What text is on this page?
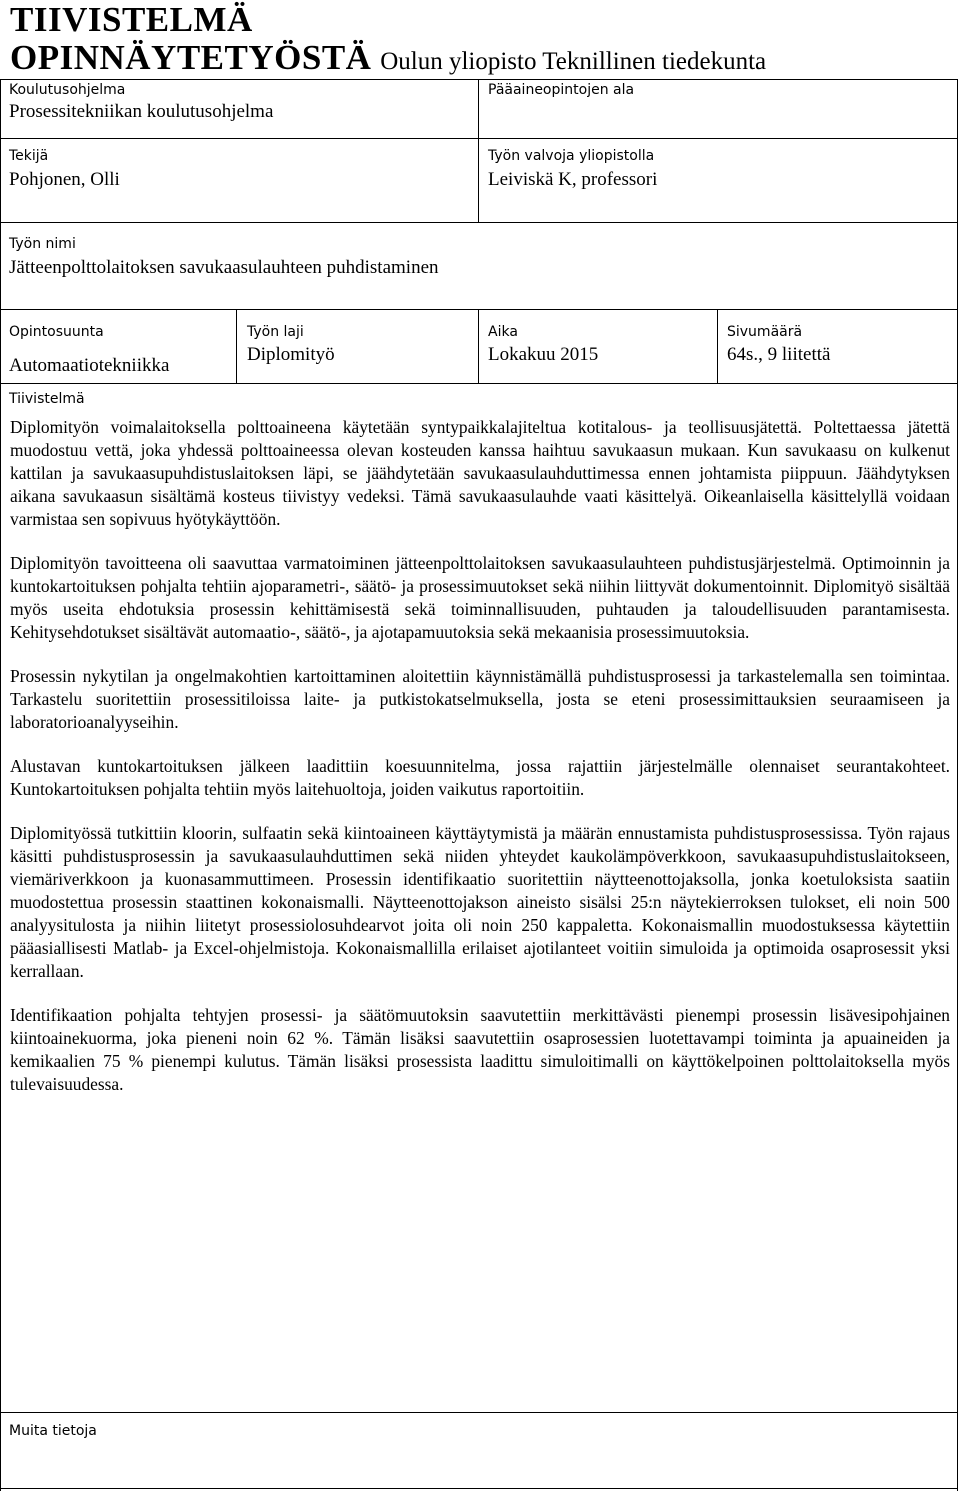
TIIVISTELMÄ
OPINNÄYTETYÖSTÄ Oulun yliopisto Teknillinen tiedekunta
Koulutusohjelma
Prosessitekniikan koulutusohjelma
Pääaineopintojen ala
Tekijä
Pohjonen, Olli
Työn valvoja yliopistolla
Leiviskä K, professori
Työn nimi
Jätteenpolttolaitoksen savukaasulauhteen puhdistaminen
Opintosuunta
Automaatiotekniikka
Työn laji
Diplomityö
Aika
Lokakuu 2015
Sivumäärä
64s., 9 liitettä
Tiivistelmä

Diplomityön voimalaitoksella polttoaineena käytetään syntypaikkalajiteltua kotitalous- ja teollisuusjätettä. Poltettaessa jätettä muodostuu vettä, joka yhdessä polttoaineessa olevan kosteuden kanssa haihtuu savukaasun mukaan. Kun savukaasu on kulkenut kattilan ja savukaasupuhdistuslaitoksen läpi, se jäähdytetään savukaasulauhduttimessa ennen johtamista piippuun. Jäähdytyksen aikana savukaasun sisältämä kosteus tiivistyy vedeksi. Tämä savukaasulauhde vaati käsittelyä. Oikeanlaisella käsittelyllä voidaan varmistaa sen sopivuus hyötykäyttöön.

Diplomityön tavoitteena oli saavuttaa varmatoiminen jätteenpolttolaitoksen savukaasulauhteen puhdistusjärjestelmä. Optimoinnin ja kuntokartoituksen pohjalta tehtiin ajoparametri-, säätö- ja prosessimuutokset sekä niihin liittyvät dokumentoinnit. Diplomityö sisältää myös useita ehdotuksia prosessin kehittämisestä sekä toiminnallisuuden, puhtauden ja taloudellisuuden parantamisesta. Kehitysehdotukset sisältävät automaatio-, säätö-, ja ajotapamuutoksia sekä mekaanisia prosessimuutoksia.

Prosessin nykytilan ja ongelmakohtien kartoittaminen aloitettiin käynnistämällä puhdistusprosessi ja tarkastelemalla sen toimintaa. Tarkastelu suoritettiin prosessitiloissa laite- ja putkistokatselmuksella, josta se eteni prosessimittauksien seuraamiseen ja laboratorioanalyyseihin.

Alustavan kuntokartoituksen jälkeen laadittiin koesuunnitelma, jossa rajattiin järjestelmälle olennaiset seurantakohteet. Kuntokartoituksen pohjalta tehtiin myös laitehuoltoja, joiden vaikutus raportoitiin.

Diplomityössä tutkittiin kloorin, sulfaatin sekä kiintoaineen käyttäytymistä ja määrän ennustamista puhdistusprosessissa. Työn rajaus käsitti puhdistusprosessin ja savukaasulauhduttimen sekä niiden yhteydet kaukolämpöverkkoon, savukaasupuhdistuslaitokseen, viemäriverkkoon ja kuonasammuttimeen. Prosessin identifikaatio suoritettiin näytteenottojaksolla, jonka koetuloksista saatiin muodostettua prosessin staattinen kokonaismalli. Näytteenottojakson aineisto sisälsi 25:n näytekierroksen tulokset, eli noin 500 analyysitulosta ja niihin liitetyt prosessiolosuhdearvot joita oli noin 250 kappaletta. Kokonaismallin muodostuksessa käytettiin pääasiallisesti Matlab- ja Excel-ohjelmistoja. Kokonaismallilla erilaiset ajotilanteet voitiin simuloida ja optimoida osaprosessit yksi kerrallaan.

Identifikaation pohjalta tehtyjen prosessi- ja säätömuutoksin saavutettiin merkittävästi pienempi prosessin lisävesipohjainen kiintoainekuorma, joka pieneni noin 62 %. Tämän lisäksi saavutettiin osaprosessien luotettavampi toiminta ja apuaineiden ja kemikaalien 75 % pienempi kulutus. Tämän lisäksi prosessista laadittu simuloitimalli on käyttökelpoinen polttolaitoksella myös tulevaisuudessa.

Muita tietoja
